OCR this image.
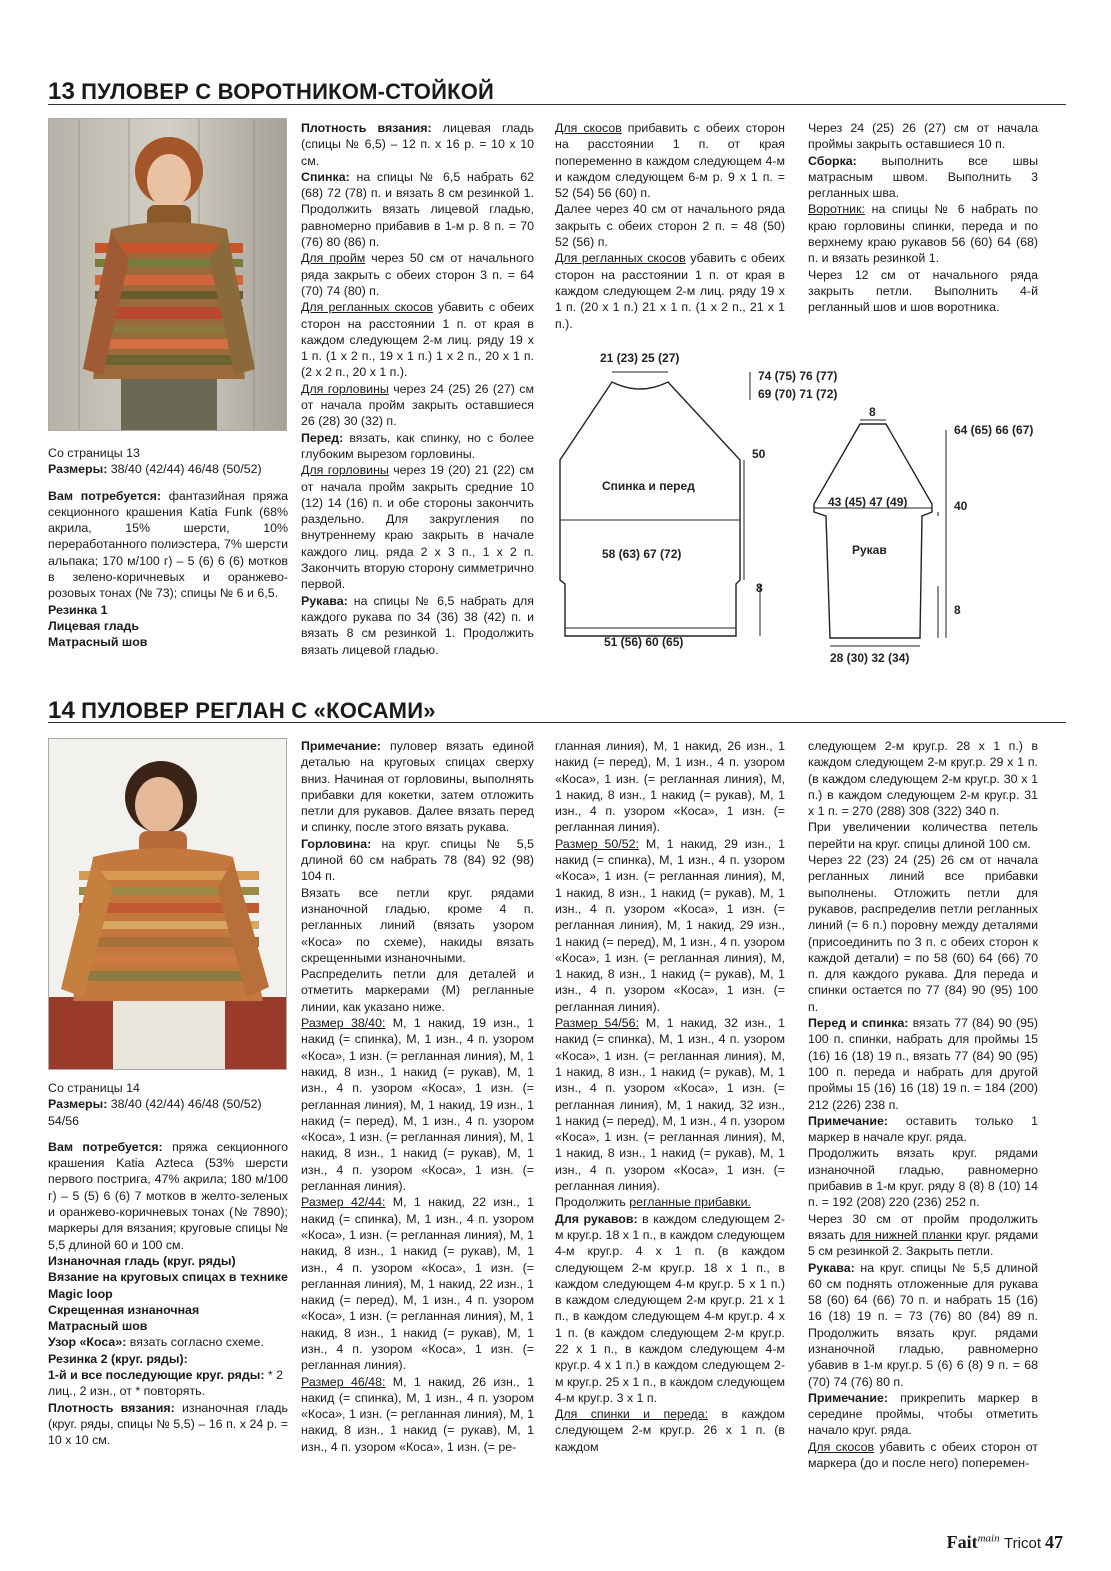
13 ПУЛОВЕР С ВОРОТНИКОМ-СТОЙКОЙ

Со страницы 13

Размеры: 38/40 (42/44) 46/48 (50/52)

Вам потребуется: фантазийная пряжа секционного крашения Katia Funk (68% акрила, 15% шерсти, 10% переработанного полиэстера, 7% шерсти альпака; 170 м/100 г) – 5 (6) 6 (6) мотков в зелено-коричневых и оранжево-розовых тонах (№ 73); спицы № 6 и 6,5.

Резинка 1

Лицевая гладь

Матрасный шов

Плотность вязания: лицевая гладь (спицы № 6,5) – 12 п. х 16 р. = 10 х 10 см.

Спинка: на спицы № 6,5 набрать 62 (68) 72 (78) п. и вязать 8 см резинкой 1. Продолжить вязать лицевой гладью, равномерно прибавив в 1-м р. 8 п. = 70 (76) 80 (86) п.

Для пройм через 50 см от начального ряда закрыть с обеих сторон 3 п. = 64 (70) 74 (80) п.

Для регланных скосов убавить с обеих сторон на расстоянии 1 п. от края в каждом следующем 2-м лиц. ряду 19 х 1 п. (1 х 2 п., 19 х 1 п.) 1 х 2 п., 20 х 1 п. (2 х 2 п., 20 х 1 п.).

Для горловины через 24 (25) 26 (27) см от начала пройм закрыть оставшиеся 26 (28) 30 (32) п.

Перед: вязать, как спинку, но с более глубоким вырезом горловины.

Для горловины через 19 (20) 21 (22) см от начала пройм закрыть средние 10 (12) 14 (16) п. и обе стороны закончить раздельно. Для закругления по внутреннему краю закрыть в начале каждого лиц. ряда 2 х 3 п., 1 х 2 п. Закончить вторую сторону симметрично первой.

Рукава: на спицы № 6,5 набрать для каждого рукава по 34 (36) 38 (42) п. и вязать 8 см резинкой 1. Продолжить вязать лицевой гладью.

Для скосов прибавить с обеих сторон на расстоянии 1 п. от края попеременно в каждом следующем 4-м и каждом следующем 6-м р. 9 х 1 п. = 52 (54) 56 (60) п.

Далее через 40 см от начального ряда закрыть с обеих сторон 2 п. = 48 (50) 52 (56) п.

Для регланных скосов убавить с обеих сторон на расстоянии 1 п. от края в каждом следующем 2-м лиц. ряду 19 х 1 п. (20 х 1 п.) 21 х 1 п. (1 х 2 п., 21 х 1 п.).

Через 24 (25) 26 (27) см от начала проймы закрыть оставшиеся 10 п.

Сборка: выполнить все швы матрасным швом. Выполнить 3 регланных шва.

Воротник: на спицы № 6 набрать по краю горловины спинки, переда и по верхнему краю рукавов 56 (60) 64 (68) п. и вязать резинкой 1.

Через 12 см от начального ряда закрыть петли. Выполнить 4-й регланный шов и шов воротника.

21 (23) 25 (27)
74 (75) 76 (77)
69 (70) 71 (72)
50
Спинка и перед
58 (63) 67 (72)
8
51 (56) 60 (65)
8
64 (65) 66 (67)
43 (45) 47 (49)	40
Рукав
8
28 (30) 32 (34)
14 ПУЛОВЕР РЕГЛАН С «КОСАМИ»

Со страницы 14

Размеры: 38/40 (42/44) 46/48 (50/52) 54/56

Вам потребуется: пряжа секционного крашения Katia Azteca (53% шерсти первого пострига, 47% акрила; 180 м/100 г) – 5 (5) 6 (6) 7 мотков в желто-зеленых и оранжево-коричневых тонах (№ 7890); маркеры для вязания; круговые спицы № 5,5 длиной 60 и 100 см.

Изнаночная гладь (круг. ряды)

Вязание на круговых спицах в технике Magic loop

Скрещенная изнаночная

Матрасный шов

Узор «Коса»: вязать согласно схеме.

Резинка 2 (круг. ряды):

1-й и все последующие круг. ряды: * 2 лиц., 2 изн., от * повторять.

Плотность вязания: изнаночная гладь (круг. ряды, спицы № 5,5) – 16 п. х 24 р. = 10 х 10 см.

Примечание: пуловер вязать единой деталью на круговых спицах сверху вниз. Начиная от горловины, выполнять прибавки для кокетки, затем отложить петли для рукавов. Далее вязать перед и спинку, после этого вязать рукава.

Горловина: на круг. спицы № 5,5 длиной 60 см набрать 78 (84) 92 (98) 104 п.

Вязать все петли круг. рядами изнаночной гладью, кроме 4 п. регланных линий (вязать узором «Коса» по схеме), накиды вязать скрещенными изнаночными.

Распределить петли для деталей и отметить маркерами (М) регланные линии, как указано ниже.

Размер 38/40: М, 1 накид, 19 изн., 1 накид (= спинка), М, 1 изн., 4 п. узором «Коса», 1 изн. (= регланная линия), М, 1 накид, 8 изн., 1 накид (= рукав), М, 1 изн., 4 п. узором «Коса», 1 изн. (= регланная линия), М, 1 накид, 19 изн., 1 накид (= перед), М, 1 изн., 4 п. узором «Коса», 1 изн. (= регланная линия), М, 1 накид, 8 изн., 1 накид (= рукав), М, 1 изн., 4 п. узором «Коса», 1 изн. (= регланная линия).

Размер 42/44: М, 1 накид, 22 изн., 1 накид (= спинка), М, 1 изн., 4 п. узором «Коса», 1 изн. (= регланная линия), М, 1 накид, 8 изн., 1 накид (= рукав), М, 1 изн., 4 п. узором «Коса», 1 изн. (= регланная линия), М, 1 накид, 22 изн., 1 накид (= перед), М, 1 изн., 4 п. узором «Коса», 1 изн. (= регланная линия), М, 1 накид, 8 изн., 1 накид (= рукав), М, 1 изн., 4 п. узором «Коса», 1 изн. (= регланная линия).

Размер 46/48: М, 1 накид, 26 изн., 1 накид (= спинка), М, 1 изн., 4 п. узором «Коса», 1 изн. (= регланная линия), М, 1 накид, 8 изн., 1 накид (= рукав), М, 1 изн., 4 п. узором «Коса», 1 изн. (= ре-

гланная линия), М, 1 накид, 26 изн., 1 накид (= перед), М, 1 изн., 4 п. узором «Коса», 1 изн. (= регланная линия), М, 1 накид, 8 изн., 1 накид (= рукав), М, 1 изн., 4 п. узором «Коса», 1 изн. (= регланная линия).

Размер 50/52: М, 1 накид, 29 изн., 1 накид (= спинка), М, 1 изн., 4 п. узором «Коса», 1 изн. (= регланная линия), М, 1 накид, 8 изн., 1 накид (= рукав), М, 1 изн., 4 п. узором «Коса», 1 изн. (= регланная линия), М, 1 накид, 29 изн., 1 накид (= перед), М, 1 изн., 4 п. узором «Коса», 1 изн. (= регланная линия), М, 1 накид, 8 изн., 1 накид (= рукав), М, 1 изн., 4 п. узором «Коса», 1 изн. (= регланная линия).

Размер 54/56: М, 1 накид, 32 изн., 1 накид (= спинка), М, 1 изн., 4 п. узором «Коса», 1 изн. (= регланная линия), М, 1 накид, 8 изн., 1 накид (= рукав), М, 1 изн., 4 п. узором «Коса», 1 изн. (= регланная линия), М, 1 накид, 32 изн., 1 накид (= перед), М, 1 изн., 4 п. узором «Коса», 1 изн. (= регланная линия), М, 1 накид, 8 изн., 1 накид (= рукав), М, 1 изн., 4 п. узором «Коса», 1 изн. (= регланная линия).

Продолжить регланные прибавки.

Для рукавов: в каждом следующем 2-м круг.р. 18 х 1 п., в каждом следующем 4-м круг.р. 4 х 1 п. (в каждом следующем 2-м круг.р. 18 х 1 п., в каждом следующем 4-м круг.р. 5 х 1 п.) в каждом следующем 2-м круг.р. 21 х 1 п., в каждом следующем 4-м круг.р. 4 х 1 п. (в каждом следующем 2-м круг.р. 22 х 1 п., в каждом следующем 4-м круг.р. 4 х 1 п.) в каждом следующем 2-м круг.р. 25 х 1 п., в каждом следующем 4-м круг.р. 3 х 1 п.

Для спинки и переда: в каждом следующем 2-м круг.р. 26 х 1 п. (в каждом

следующем 2-м круг.р. 28 х 1 п.) в каждом следующем 2-м круг.р. 29 х 1 п. (в каждом следующем 2-м круг.р. 30 х 1 п.) в каждом следующем 2-м круг.р. 31 х 1 п. = 270 (288) 308 (322) 340 п.

При увеличении количества петель перейти на круг. спицы длиной 100 см.

Через 22 (23) 24 (25) 26 см от начала регланных линий все прибавки выполнены. Отложить петли для рукавов, распределив петли регланных линий (= 6 п.) поровну между деталями (присоединить по 3 п. с обеих сторон к каждой детали) = по 58 (60) 64 (66) 70 п. для каждого рукава. Для переда и спинки остается по 77 (84) 90 (95) 100 п.

Перед и спинка: вязать 77 (84) 90 (95) 100 п. спинки, набрать для проймы 15 (16) 16 (18) 19 п., вязать 77 (84) 90 (95) 100 п. переда и набрать для другой проймы 15 (16) 16 (18) 19 п. = 184 (200) 212 (226) 238 п.

Примечание: оставить только 1 маркер в начале круг. ряда.

Продолжить вязать круг. рядами изнаночной гладью, равномерно прибавив в 1-м круг. ряду 8 (8) 8 (10) 14 п. = 192 (208) 220 (236) 252 п.

Через 30 см от пройм продолжить вязать для нижней планки круг. рядами 5 см резинкой 2. Закрыть петли.

Рукава: на круг. спицы № 5,5 длиной 60 см поднять отложенные для рукава 58 (60) 64 (66) 70 п. и набрать 15 (16) 16 (18) 19 п. = 73 (76) 80 (84) 89 п. Продолжить вязать круг. рядами изнаночной гладью, равномерно убавив в 1-м круг.р. 5 (6) 6 (8) 9 п. = 68 (70) 74 (76) 80 п.

Примечание: прикрепить маркер в середине проймы, чтобы отметить начало круг. ряда.

Для скосов убавить с обеих сторон от маркера (до и после него) поперемен-

Fait$^{main}$ Tricot 47
